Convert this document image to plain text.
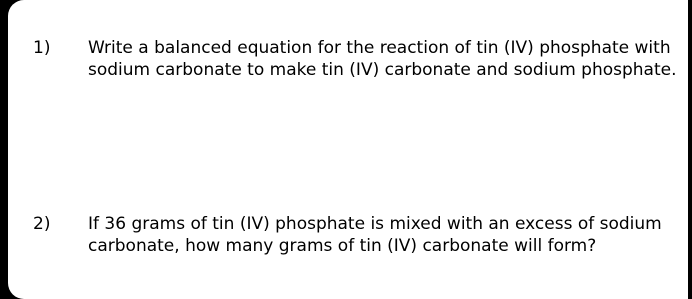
1) Write a balanced equation for the reaction of tin (IV) phosphate with
sodium carbonate to make tin (IV) carbonate and sodium phosphate.
2) If 36 grams of tin (IV) phosphate is mixed with an excess of sodium
carbonate, how many grams of tin (IV) carbonate will form?
